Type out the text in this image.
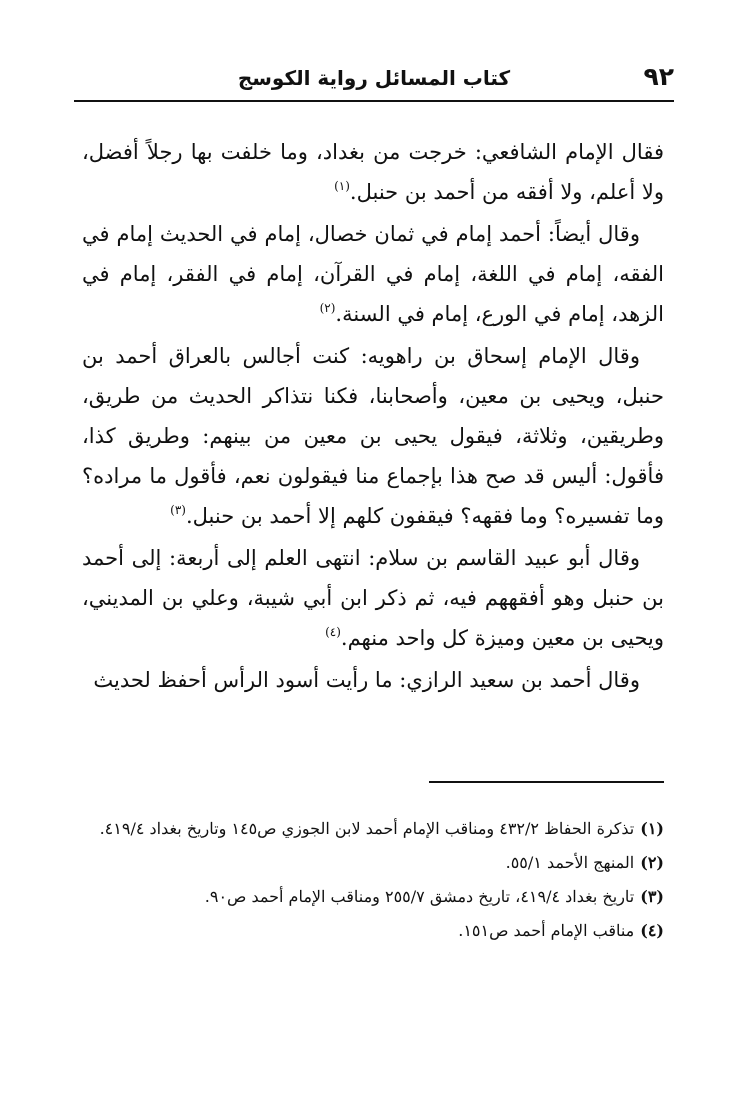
٩٢
كتاب المسائل رواية الكوسج

فقال الإمام الشافعي: خرجت من بغداد، وما خلفت بها رجلاً أفضل، ولا أعلم، ولا أفقه من أحمد بن حنبل.$^{(١)}$

وقال أيضاً: أحمد إمام في ثمان خصال، إمام في الحديث إمام في الفقه، إمام في اللغة، إمام في القرآن، إمام في الفقر، إمام في الزهد، إمام في الورع، إمام في السنة.$^{(٢)}$

وقال الإمام إسحاق بن راهويه: كنت أجالس بالعراق أحمد بن حنبل، ويحيى بن معين، وأصحابنا، فكنا نتذاكر الحديث من طريق، وطريقين، وثلاثة، فيقول يحيى بن معين من بينهم: وطريق كذا، فأقول: أليس قد صح هذا بإجماع منا فيقولون نعم، فأقول ما مراده؟ وما تفسيره؟ وما فقهه؟ فيقفون كلهم إلا أحمد بن حنبل.$^{(٣)}$

وقال أبو عبيد القاسم بن سلام: انتهى العلم إلى أربعة: إلى أحمد بن حنبل وهو أفقههم فيه، ثم ذكر ابن أبي شيبة، وعلي بن المديني، ويحيى بن معين وميزة كل واحد منهم.$^{(٤)}$

وقال أحمد بن سعيد الرازي: ما رأيت أسود الرأس أحفظ لحديث

(١)تذكرة الحفاظ ٤٣٢/٢ ومناقب الإمام أحمد لابن الجوزي ص١٤٥ وتاريخ بغداد ٤١٩/٤.

(٢)المنهج الأحمد ٥٥/١.

(٣)تاريخ بغداد ٤١٩/٤، تاريخ دمشق ٢٥٥/٧ ومناقب الإمام أحمد ص٩٠.

(٤)مناقب الإمام أحمد ص١٥١.
